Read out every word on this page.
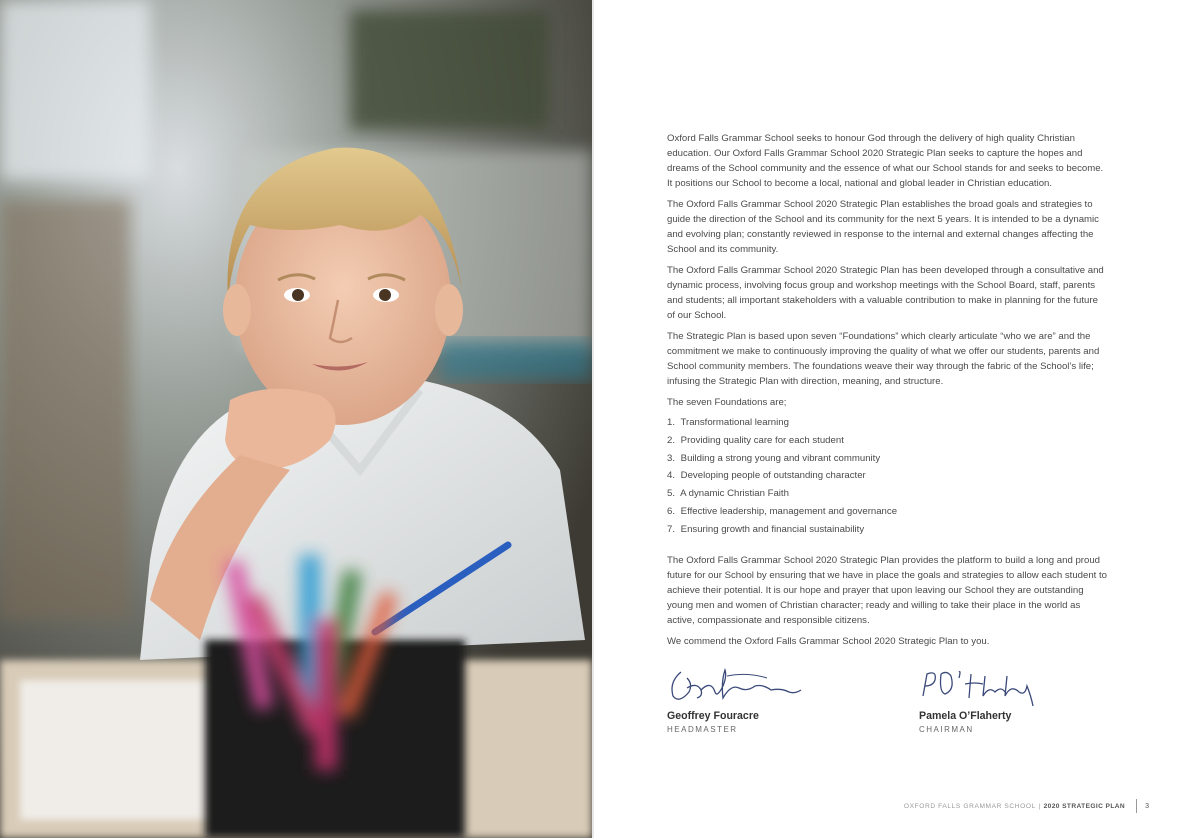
Oxford Falls Grammar School seeks to honour God through the delivery of high quality Christian education. Our Oxford Falls Grammar School 2020 Strategic Plan seeks to capture the hopes and dreams of the School community and the essence of what our School stands for and seeks to become. It positions our School to become a local, national and global leader in Christian education.

The Oxford Falls Grammar School 2020 Strategic Plan establishes the broad goals and strategies to guide the direction of the School and its community for the next 5 years. It is intended to be a dynamic and evolving plan; constantly reviewed in response to the internal and external changes affecting the School and its community.

The Oxford Falls Grammar School 2020 Strategic Plan has been developed through a consultative and dynamic process, involving focus group and workshop meetings with the School Board, staff, parents and students; all important stakeholders with a valuable contribution to make in planning for the future of our School.

The Strategic Plan is based upon seven “Foundations” which clearly articulate “who we are” and the commitment we make to continuously improving the quality of what we offer our students, parents and School community members. The foundations weave their way through the fabric of the School’s life; infusing the Strategic Plan with direction, meaning, and structure.

The seven Foundations are;

1. Transformational learning
2. Providing quality care for each student
3. Building a strong young and vibrant community
4. Developing people of outstanding character
5. A dynamic Christian Faith
6. Effective leadership, management and governance
7. Ensuring growth and financial sustainability

The Oxford Falls Grammar School 2020 Strategic Plan provides the platform to build a long and proud future for our School by ensuring that we have in place the goals and strategies to allow each student to achieve their potential. It is our hope and prayer that upon leaving our School they are outstanding young men and women of Christian character; ready and willing to take their place in the world as active, compassionate and responsible citizens.

We commend the Oxford Falls Grammar School 2020 Strategic Plan to you.

Geoffrey Fouracre
HEADMASTER
Pamela O’Flaherty
CHAIRMAN
OXFORD FALLS GRAMMAR SCHOOL | 2020 STRATEGIC PLAN	3
